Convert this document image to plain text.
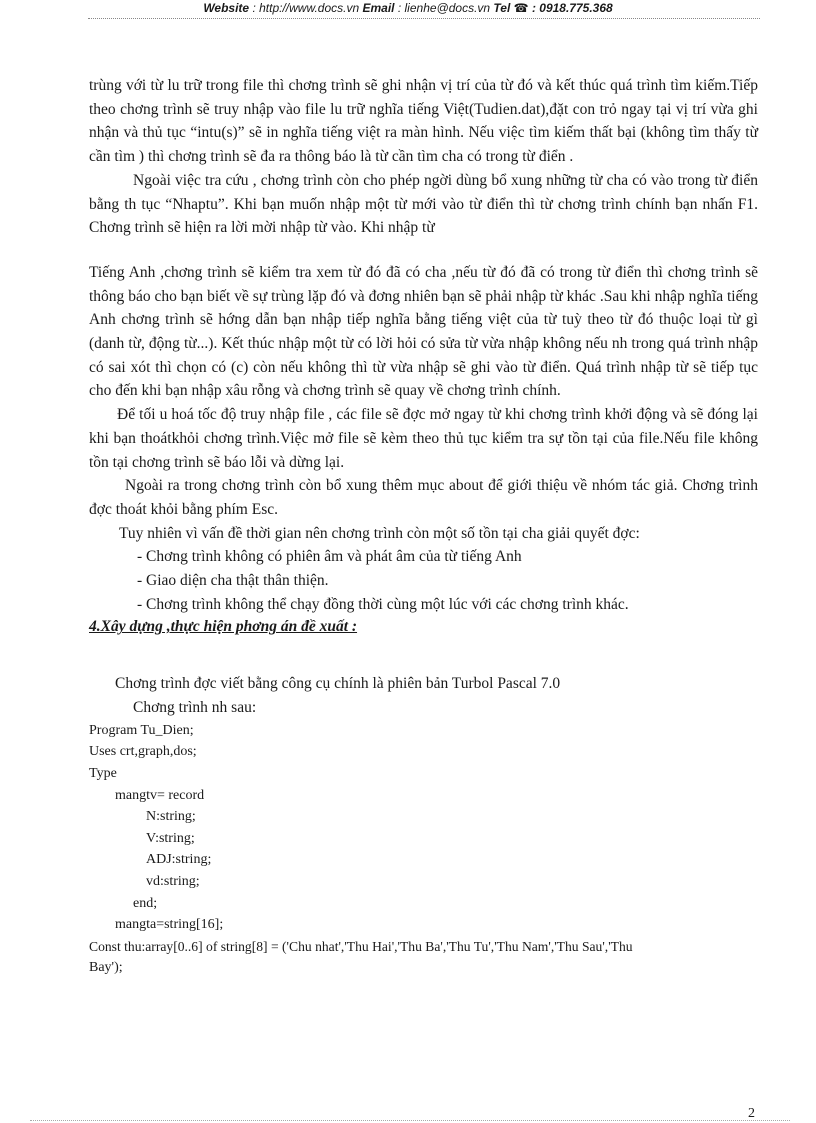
Website : http://www.docs.vn Email : lienhe@docs.vn Tel ☎ : 0918.775.368

trùng với từ lu trữ trong file thì chơng trình sẽ ghi nhận vị trí của từ đó và kết thúc quá trình tìm kiếm.Tiếp theo chơng trình sẽ truy nhập vào file lu trữ nghĩa tiếng Việt(Tudien.dat),đặt con trỏ ngay tại vị trí vừa ghi nhận và thủ tục “intu(s)” sẽ in nghĩa tiếng việt ra màn hình. Nếu việc tìm kiếm thất bại (không tìm thấy từ cần tìm ) thì chơng trình sẽ đa ra thông báo là từ cần tìm cha có trong từ điển .

Ngoài việc tra cứu , chơng trình còn cho phép ngời dùng bổ xung những từ cha có vào trong từ điển bằng th tục “Nhaptu”. Khi bạn muốn nhập một từ mới vào từ điển thì từ chơng trình chính bạn nhấn F1. Chơng trình sẽ hiện ra lời mời nhập từ vào. Khi nhập từ

Tiếng Anh ,chơng trình sẽ kiểm tra xem từ đó đã có cha ,nếu từ đó đã có trong từ điển thì chơng trình sẽ thông báo cho bạn biết về sự trùng lặp đó và đơng nhiên bạn sẽ phải nhập từ khác .Sau khi nhập nghĩa tiếng Anh chơng trình sẽ hớng dẫn bạn nhập tiếp nghĩa bằng tiếng việt của từ tuỳ theo từ đó thuộc loại từ gì (danh từ, động từ...). Kết thúc nhập một từ có lời hỏi có sửa từ vừa nhập không nếu nh trong quá trình nhập có sai xót thì chọn có (c) còn nếu không thì từ vừa nhập sẽ ghi vào từ điển. Quá trình nhập từ sẽ tiếp tục cho đến khi bạn nhập xâu rỗng và chơng trình sẽ quay về chơng trình chính.

Để tối u hoá tốc độ truy nhập file , các file sẽ đợc mở ngay từ khi chơng trình khởi động và sẽ đóng lại khi bạn thoátkhỏi chơng trình.Việc mở file sẽ kèm theo thủ tục kiểm tra sự tồn tại của file.Nếu file không tồn tại chơng trình sẽ báo lỗi và dừng lại.

Ngoài ra trong chơng trình còn bổ xung thêm mục about để giới thiệu về nhóm tác giả. Chơng trình đợc thoát khỏi bằng phím Esc.

Tuy nhiên vì vấn đề thời gian nên chơng trình còn một số tồn tại cha giải quyết đợc:

- Chơng trình không có phiên âm và phát âm của từ tiếng Anh

- Giao diện cha thật thân thiện.

- Chơng trình không thể chạy đồng thời cùng một lúc với các chơng trình khác.

4.Xây dựng ,thực hiện phơng án đề xuất :

Chơng trình đợc viết bằng công cụ chính là phiên bản Turbol Pascal 7.0

Chơng trình nh sau:

Program Tu_Dien;

Uses crt,graph,dos;

Type

mangtv= record

N:string;

V:string;

ADJ:string;

vd:string;

end;

mangta=string[16];

Const thu:array[0..6] of string[8] = ('Chu nhat','Thu Hai','Thu Ba','Thu Tu','Thu Nam','Thu Sau','Thu

Bay');

2
